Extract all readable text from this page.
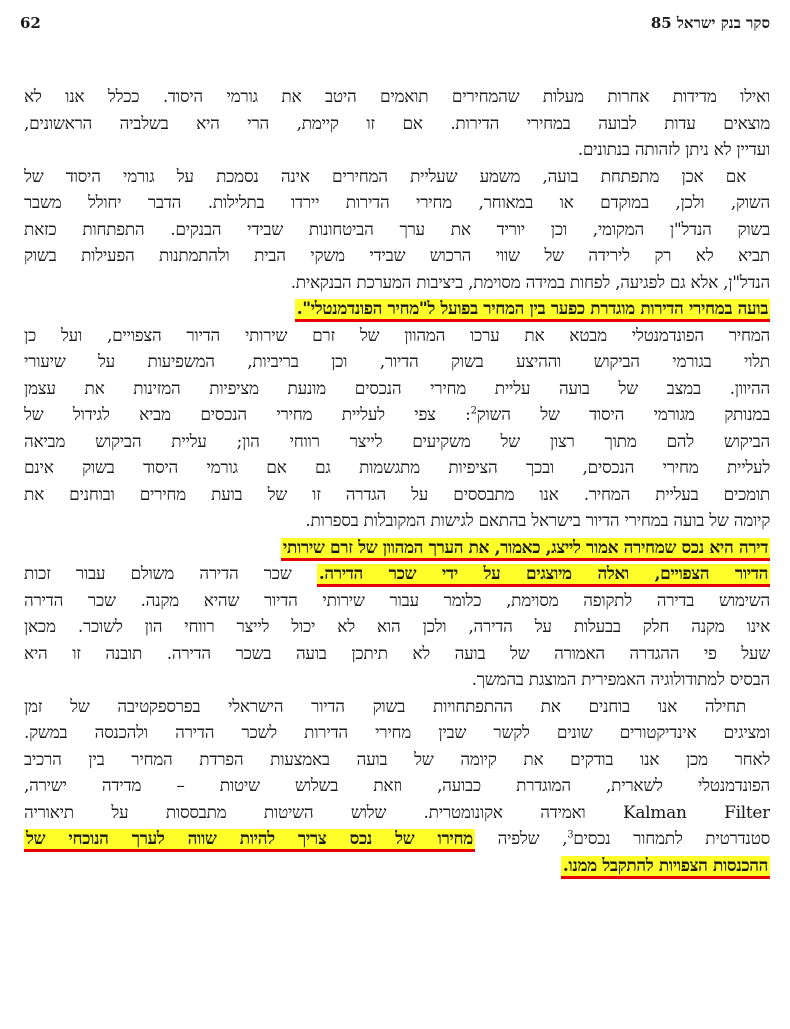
סקר בנק ישראל 85
62
ואילו מדידות אחרות מעלות שהמחירים תואמים היטב את גורמי היסוד. ככלל אנו לא
מוצאים עדות לבועה במחירי הדירות. אם זו קיימת, הרי היא בשלביה הראשונים,
ועדיין לא ניתן לזהותה בנתונים.
אם אכן מתפתחת בועה, משמע שעליית המחירים אינה נסמכת על גורמי היסוד של
השוק, ולכן, במוקדם או במאוחר, מחירי הדירות יירדו בתלילות. הדבר יחולל משבר
בשוק הנדל"ן המקומי, וכן יוריד את ערך הביטחונות שבידי הבנקים. התפתחות כזאת
תביא לא רק לירידה של שווי הרכוש שבידי משקי הבית ולהתמתנות הפעילות בשוק
הנדל"ן, אלא גם לפגיעה, לפחות במידה מסוימת, ביציבות המערכת הבנקאית.
בועה במחירי הדירות מוגדרת כפער בין המחיר בפועל ל"מחיר הפונדמנטלי".
המחיר הפונדמנטלי מבטא את ערכו המהוון של זרם שירותי הדיור הצפויים, ועל כן
תלוי בגורמי הביקוש וההיצע בשוק הדיור, וכן בריביות, המשפיעות על שיעורי
ההיוון. במצב של בועה עליית מחירי הנכסים מונעת מציפיות המזינות את עצמן
במנותק מגורמי היסוד של השוק$^2$: צפי לעליית מחירי הנכסים מביא לגידול של
הביקוש להם מתוך רצון של משקיעים לייצר רווחי הון; עליית הביקוש מביאה
לעליית מחירי הנכסים, ובכך הציפיות מתגשמות גם אם גורמי היסוד בשוק אינם
תומכים בעליית המחיר. אנו מתבססים על הגדרה זו של בועת מחירים ובוחנים את
קיומה של בועה במחירי הדיור בישראל בהתאם לגישות המקובלות בספרות.
דירה היא נכס שמחירה אמור לייצג, כאמור, את הערך המהוון של זרם שירותי
הדיור הצפויים, ואלה מיוצגים על ידי שכר הדירה. שכר הדירה משולם עבור זכות
השימוש בדירה לתקופה מסוימת, כלומר עבור שירותי הדיור שהיא מקנה. שכר הדירה
אינו מקנה חלק בבעלות על הדירה, ולכן הוא לא יכול לייצר רווחי הון לשוכר. מכאן
שעל פי ההגדרה האמורה של בועה לא תיתכן בועה בשכר הדירה. תובנה זו היא
הבסיס למתודולוגיה האמפירית המוצגת בהמשך.
תחילה אנו בוחנים את ההתפתחויות בשוק הדיור הישראלי בפרספקטיבה של זמן
ומציגים אינדיקטורים שונים לקשר שבין מחירי הדירות לשכר הדירה ולהכנסה במשק.
לאחר מכן אנו בודקים את קיומה של בועה באמצעות הפרדת המחיר בין הרכיב
הפונדמנטלי לשארית, המוגדרת כבועה, וזאת בשלוש שיטות – מדידה ישירה,
Kalman Filter ואמידה אקונומטרית. שלוש השיטות מתבססות על תיאוריה
סטנדרטית לתמחור נכסים$^3$, שלפיה מחירו של נכס צריך להיות שווה לערך הנוכחי של
ההכנסות הצפויות להתקבל ממנו.
